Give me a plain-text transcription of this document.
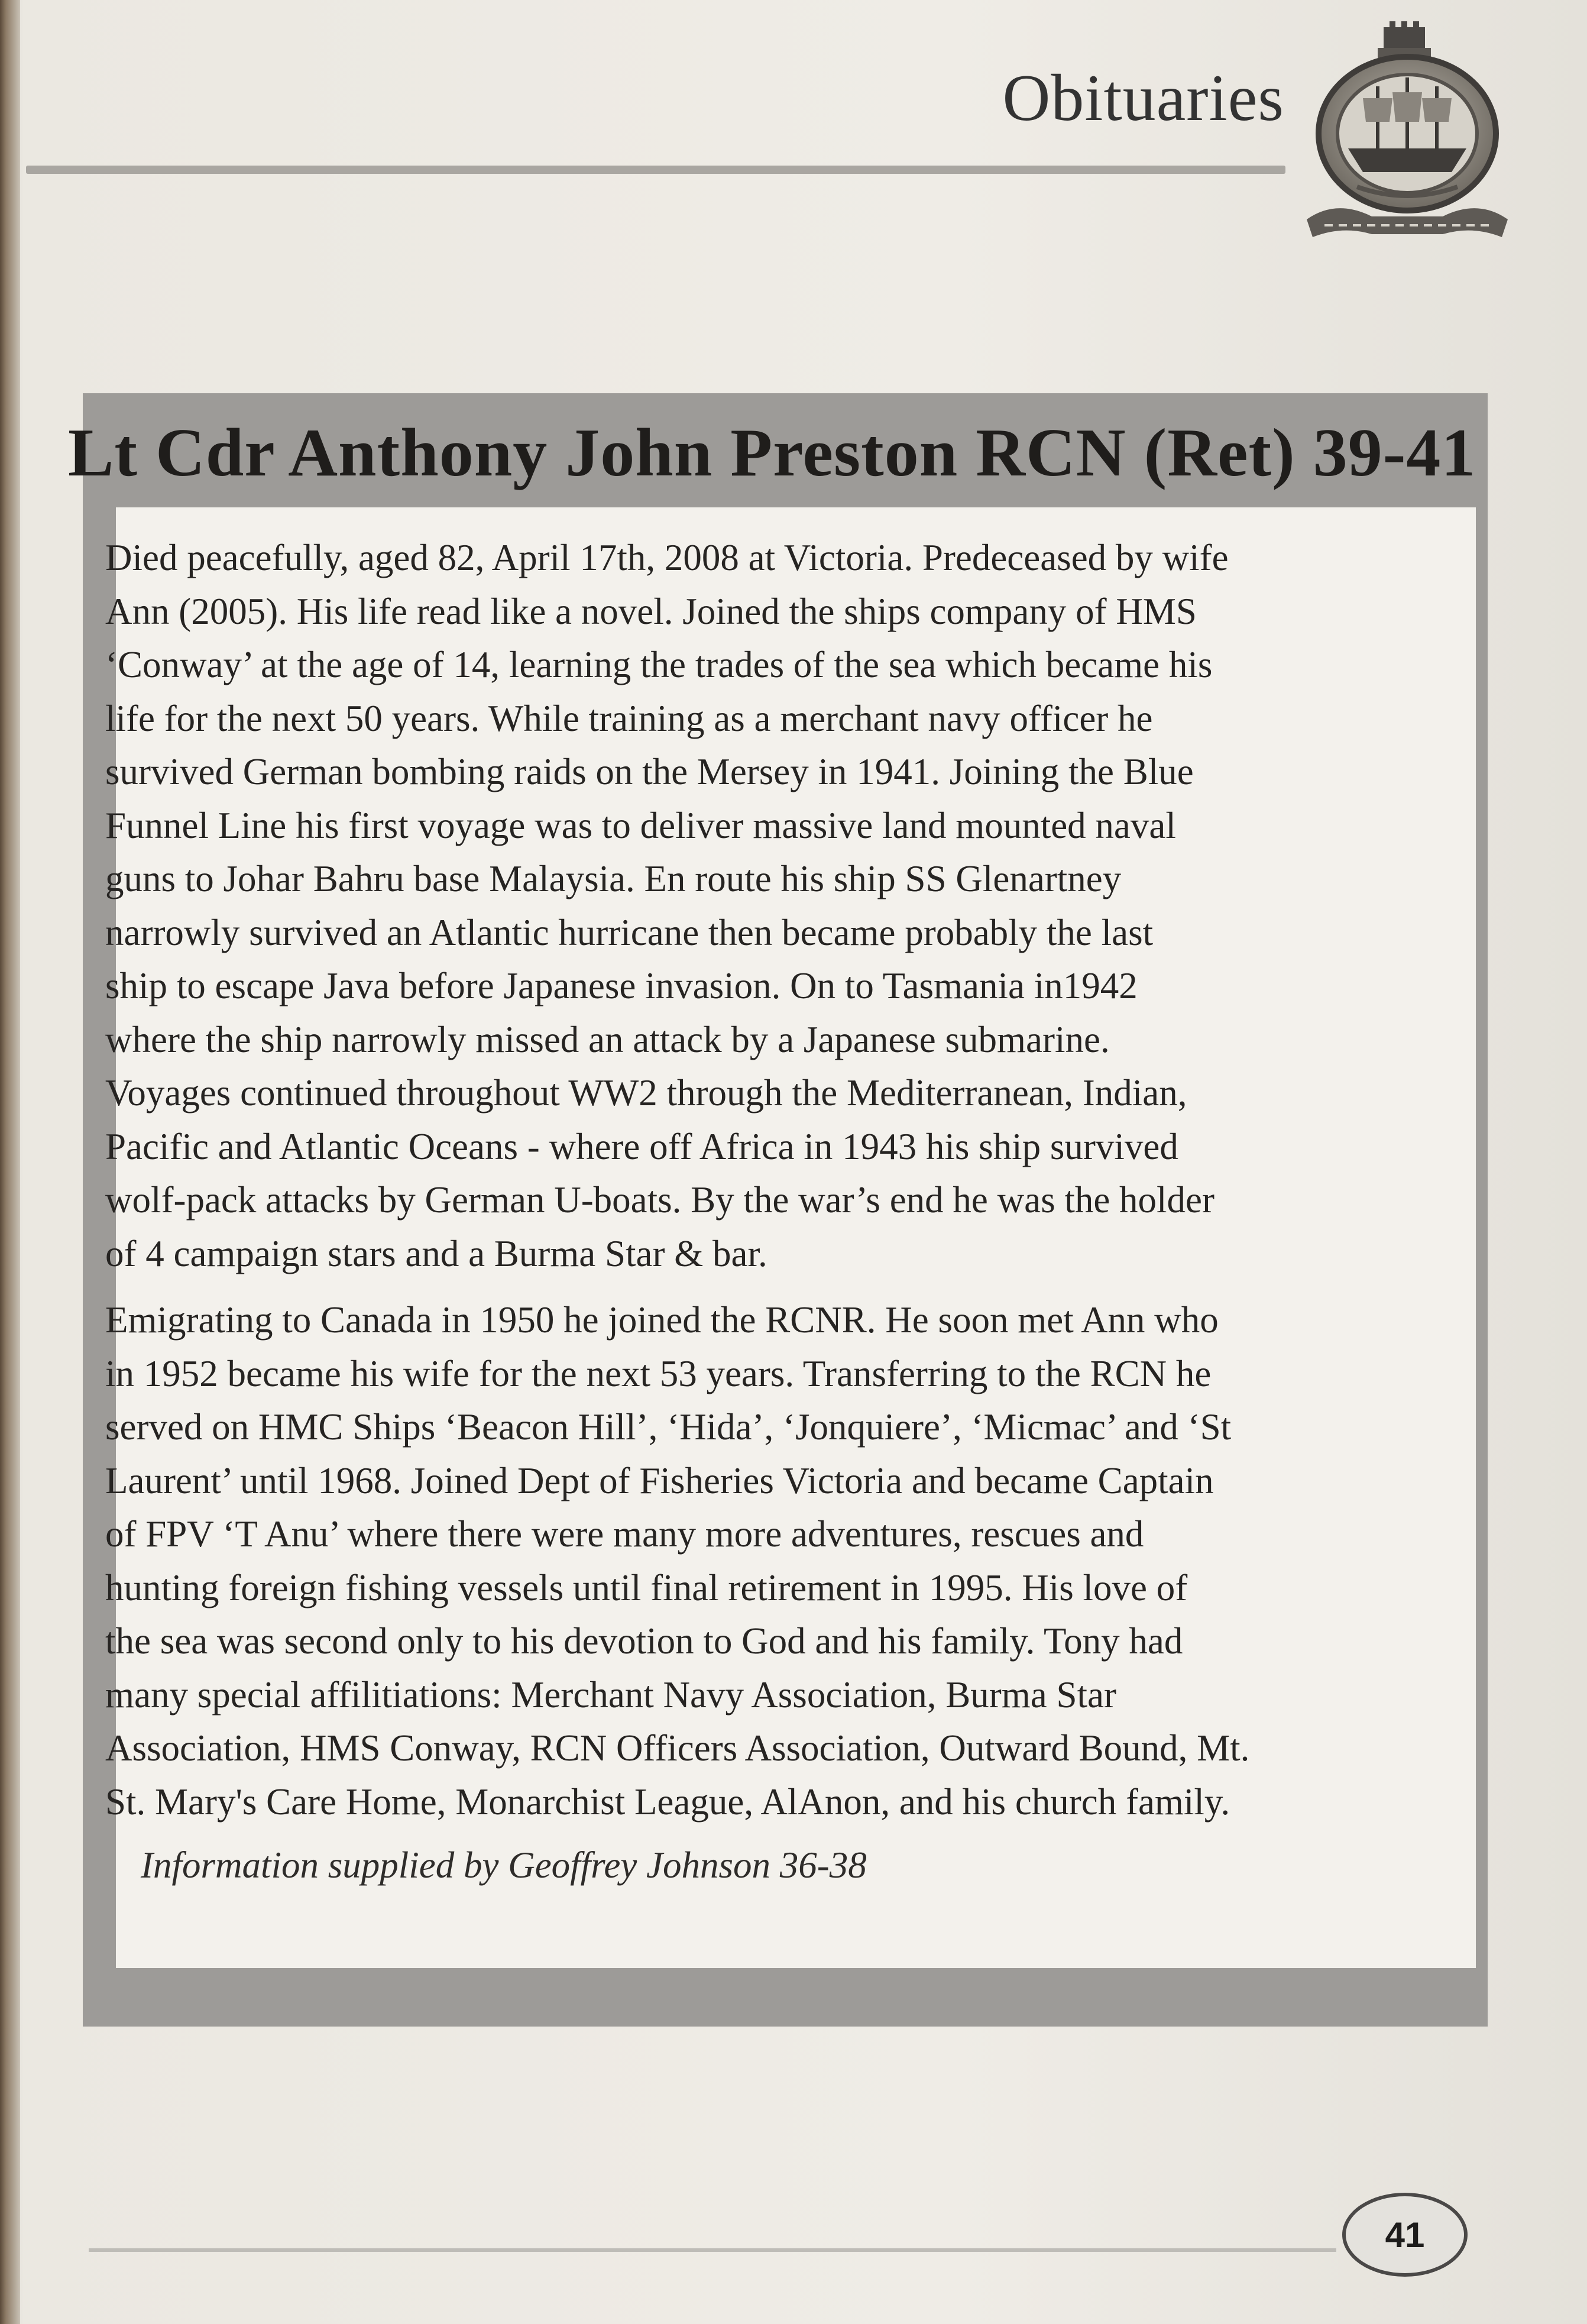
Obituaries
Lt Cdr Anthony John Preston RCN (Ret) 39-41

Died peacefully, aged 82, April 17th, 2008 at Victoria. Predeceased by wife
Ann (2005). His life read like a novel. Joined the ships company of HMS
‘Conway’ at the age of 14, learning the trades of the sea which became his
life for the next 50 years. While training as a merchant navy officer he
survived German bombing raids on the Mersey in 1941. Joining the Blue
Funnel Line his first voyage was to deliver massive land mounted naval
guns to Johar Bahru base Malaysia. En route his ship SS Glenartney
narrowly survived an Atlantic hurricane then became probably the last
ship to escape Java before Japanese invasion. On to Tasmania in1942
where the ship narrowly missed an attack by a Japanese submarine.
Voyages continued throughout WW2 through the Mediterranean, Indian,
Pacific and Atlantic Oceans - where off Africa in 1943 his ship survived
wolf-pack attacks by German U-boats. By the war’s end he was the holder
of 4 campaign stars and a Burma Star & bar.

Emigrating to Canada in 1950 he joined the RCNR. He soon met Ann who
in 1952 became his wife for the next 53 years. Transferring to the RCN he
served on HMC Ships ‘Beacon Hill’, ‘Hida’, ‘Jonquiere’, ‘Micmac’ and ‘St
Laurent’ until 1968. Joined Dept of Fisheries Victoria and became Captain
of FPV ‘T Anu’ where there were many more adventures, rescues and
hunting foreign fishing vessels until final retirement in 1995. His love of
the sea was second only to his devotion to God and his family. Tony had
many special affilitiations: Merchant Navy Association, Burma Star
Association, HMS Conway, RCN Officers Association, Outward Bound, Mt.
St. Mary's Care Home, Monarchist League, AlAnon, and his church family.

Information supplied by Geoffrey Johnson 36-38
41
